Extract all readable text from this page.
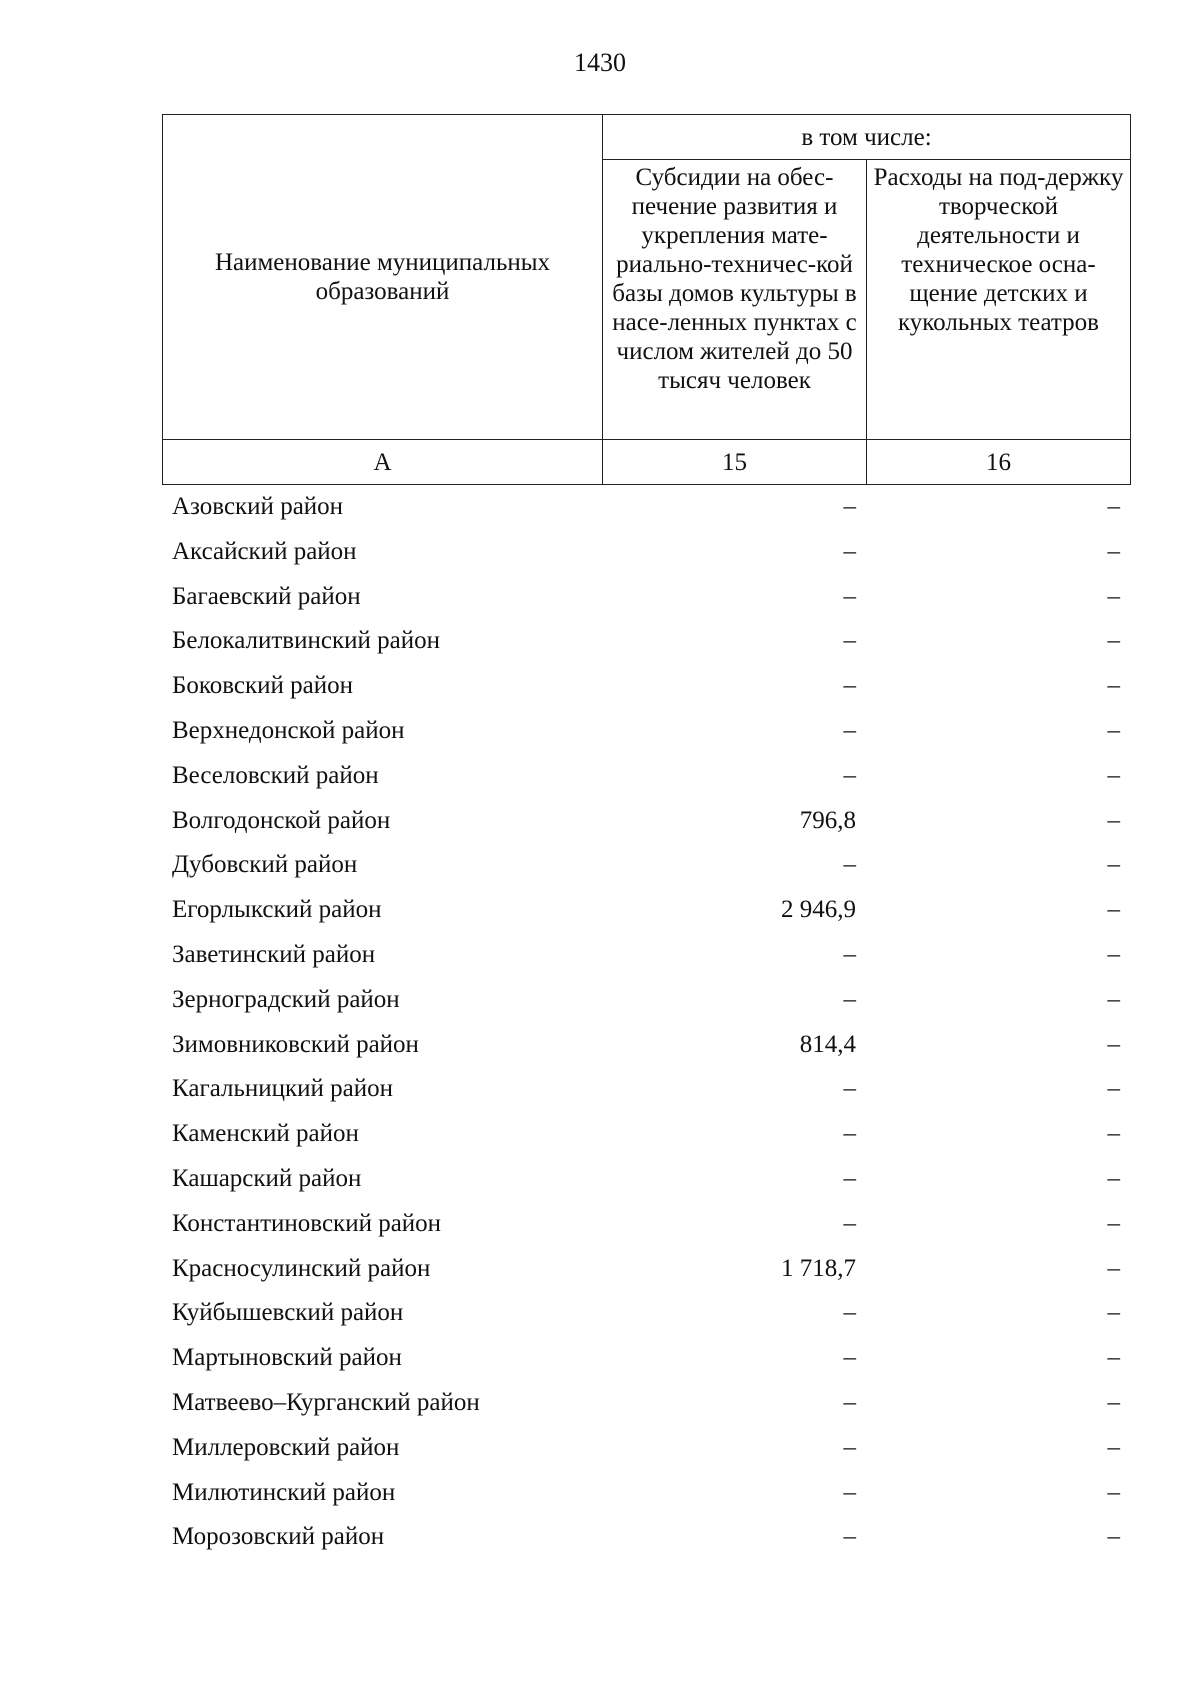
1430
Наименование муниципальных образований	в том числе:	
	Субсидии на обес-печение развития и укрепления мате-риально-техничес-кой базы домов культуры в насе-ленных пунктах с числом жителей до 50 тысяч человек	Расходы на под-держку творческой деятельности и техническое осна-щение детских и кукольных театров
А	15	16
Азовский район	–	–
Аксайский район	–	–
Багаевский район	–	–
Белокалитвинский район	–	–
Боковский район	–	–
Верхнедонской район	–	–
Веселовский район	–	–
Волгодонской район	796,8	–
Дубовский район	–	–
Егорлыкский район	2 946,9	–
Заветинский район	–	–
Зерноградский район	–	–
Зимовниковский район	814,4	–
Кагальницкий район	–	–
Каменский район	–	–
Кашарский район	–	–
Константиновский район	–	–
Красносулинский район	1 718,7	–
Куйбышевский район	–	–
Мартыновский район	–	–
Матвеево–Курганский район	–	–
Миллеровский район	–	–
Милютинский район	–	–
Морозовский район	–	–
